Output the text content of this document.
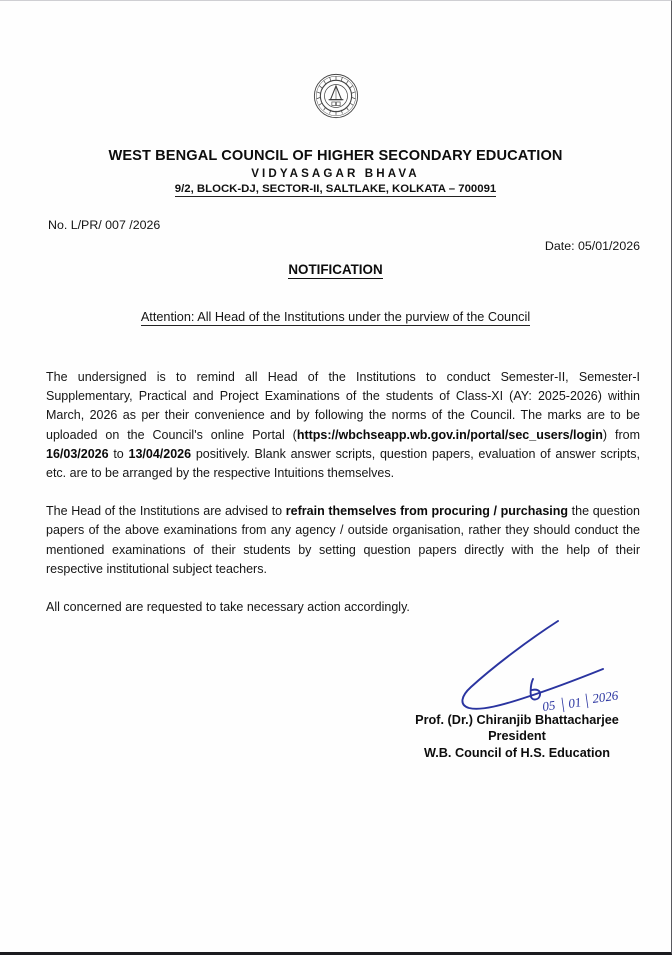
WEST BENGAL COUNCIL OF HIGHER SECONDARY EDUCATION
VIDYASAGAR BHAVA
9/2, BLOCK-DJ, SECTOR-II, SALTLAKE, KOLKATA – 700091
No. L/PR/ 007 /2026
Date: 05/01/2026
NOTIFICATION
Attention: All Head of the Institutions under the purview of the Council

The undersigned is to remind all Head of the Institutions to conduct Semester-II, Semester-I Supplementary, Practical and Project Examinations of the students of Class-XI (AY: 2025-2026) within March, 2026 as per their convenience and by following the norms of the Council. The marks are to be uploaded on the Council's online Portal (https://wbchseapp.wb.gov.in/portal/sec_users/login) from 16/03/2026 to 13/04/2026 positively. Blank answer scripts, question papers, evaluation of answer scripts, etc. are to be arranged by the respective Intuitions themselves.

The Head of the Institutions are advised to refrain themselves from procuring / purchasing the question papers of the above examinations from any agency / outside organisation, rather they should conduct the mentioned examinations of their students by setting question papers directly with the help of their respective institutional subject teachers.

All concerned are requested to take necessary action accordingly.

05 | 01 | 2026
Prof. (Dr.) Chiranjib Bhattacharjee
President
W.B. Council of H.S. Education
